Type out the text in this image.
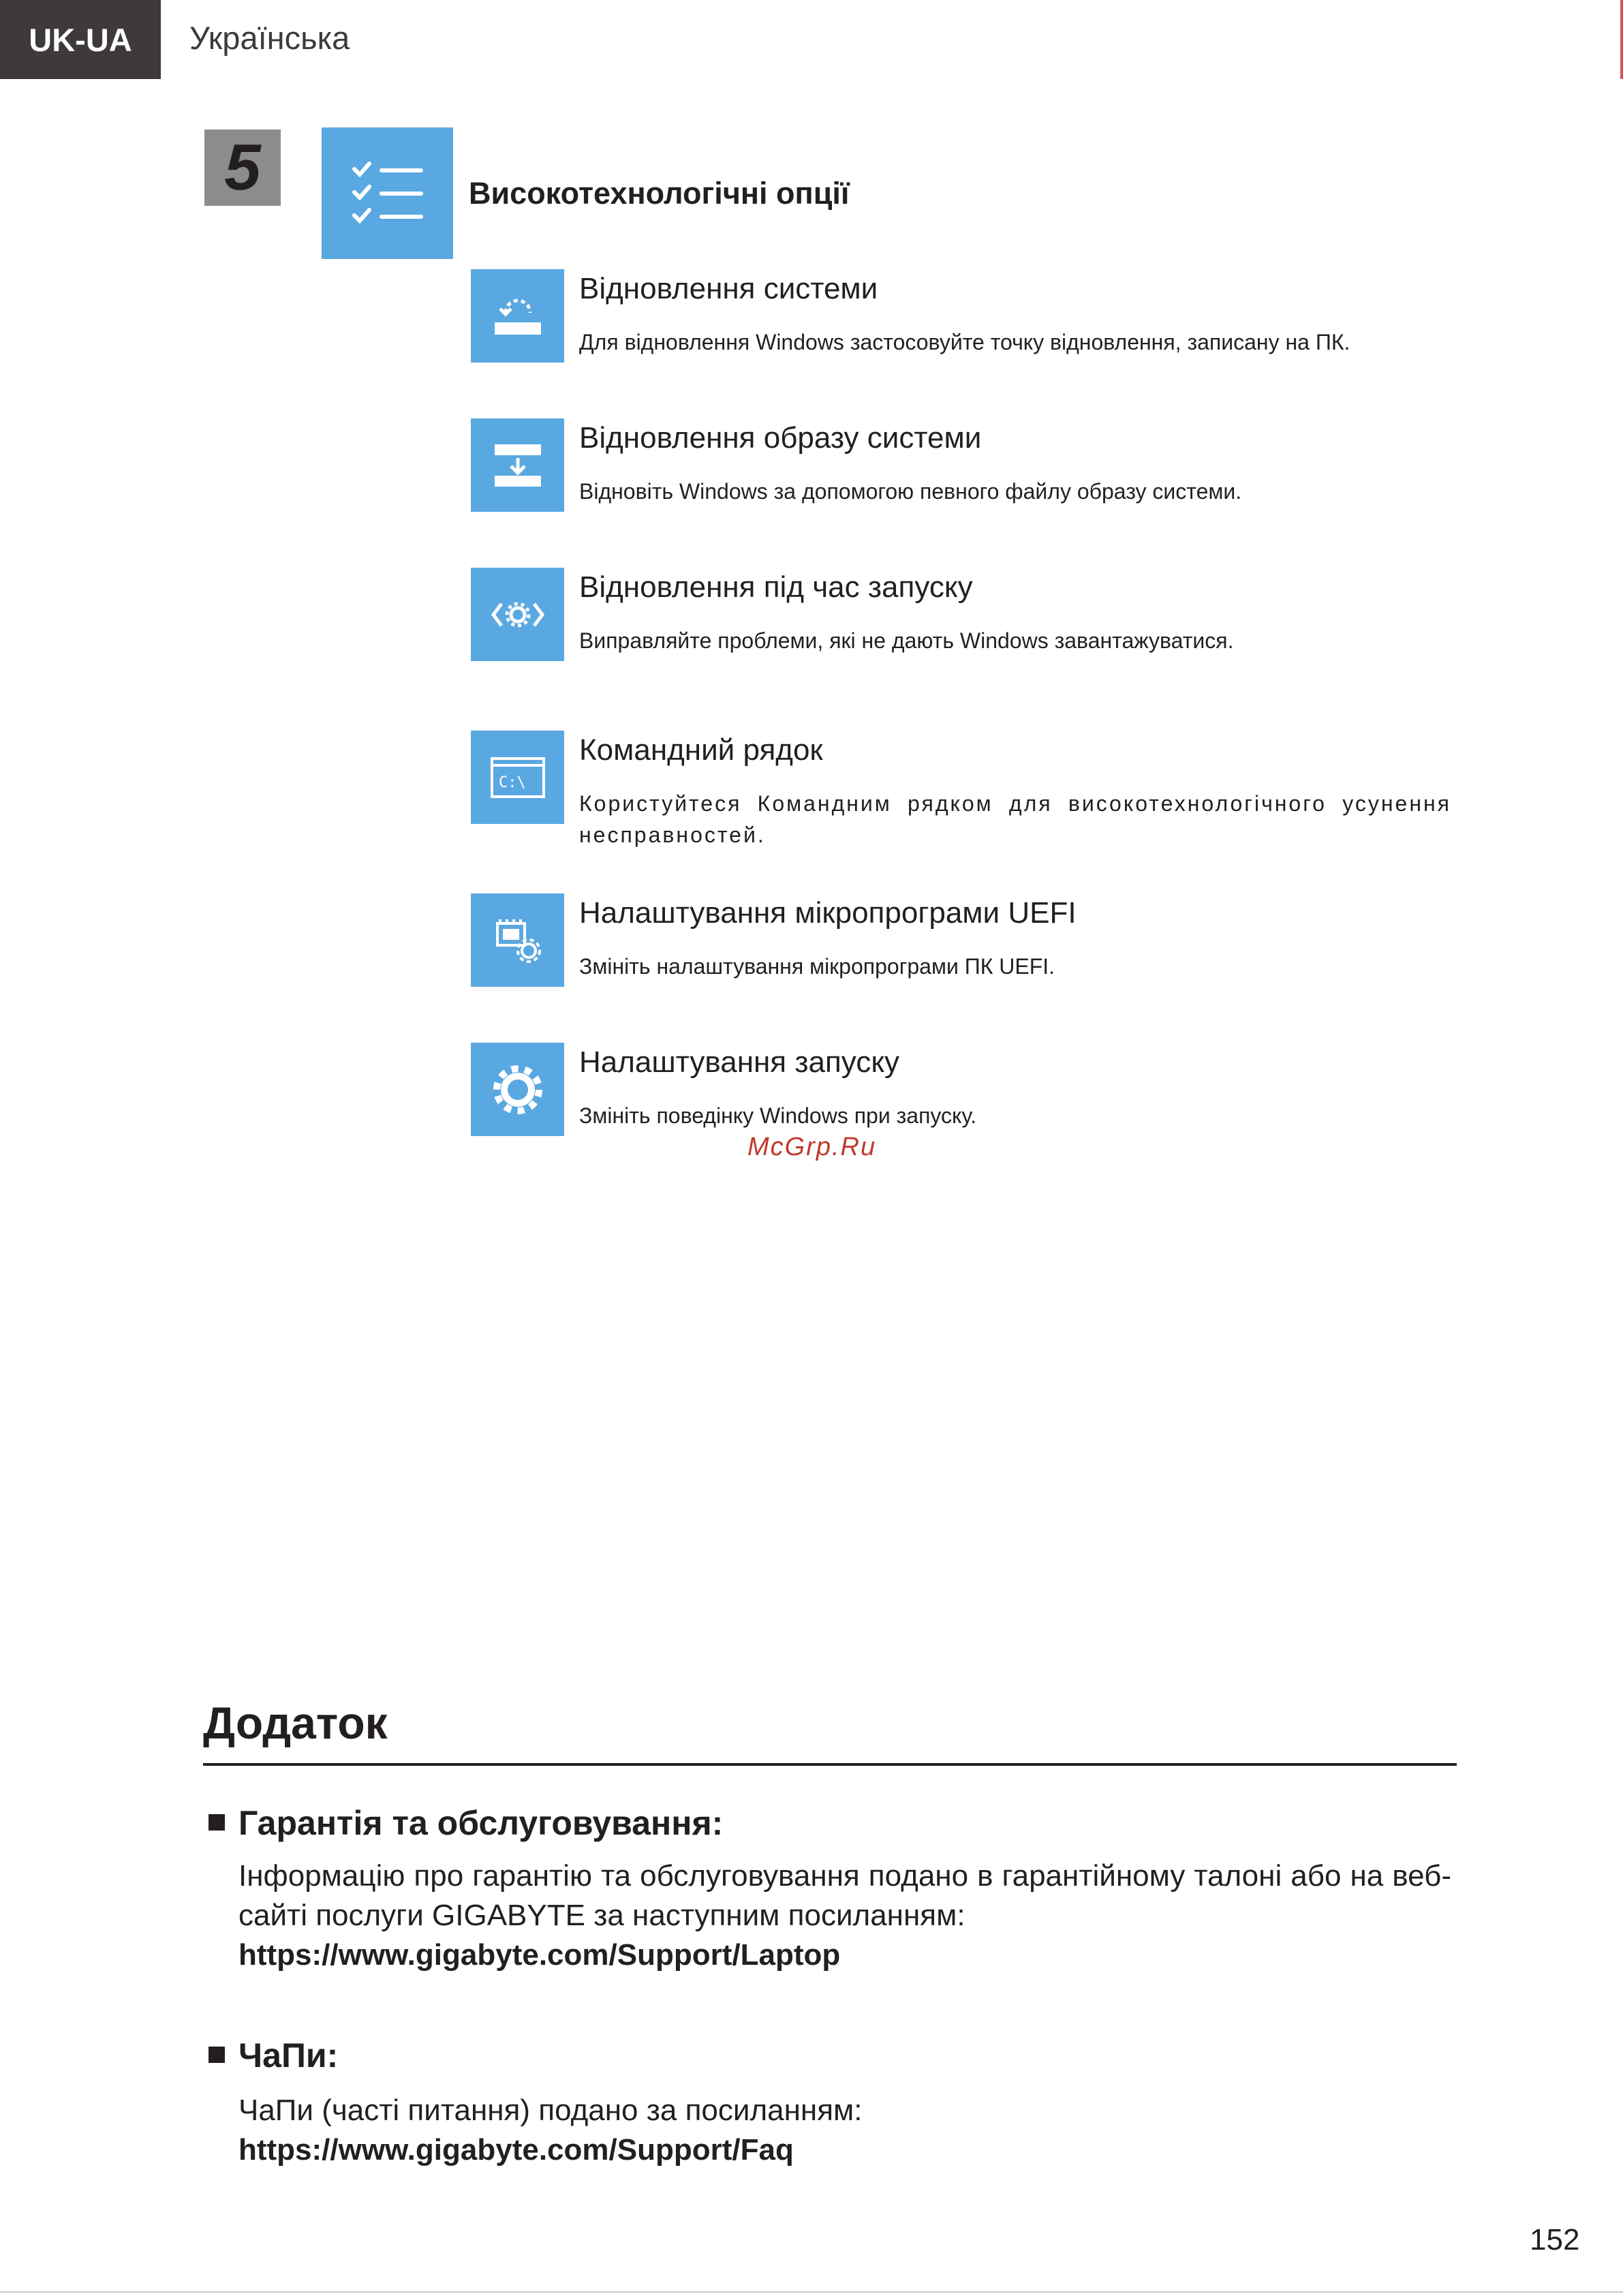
UK-UA	Українська
5	Високотехнологічні опції
Відновлення системи
Для відновлення Windows застосовуйте точку відновлення, записану на ПК.
Відновлення образу системи
Відновіть Windows за допомогою певного файлу образу системи.
Відновлення під час запуску
Виправляйте проблеми, які не дають Windows завантажуватися.
C:\
Командний рядок
Користуйтеся Командним рядком для високотехнологічного усунення несправностей.
Налаштування мікропрограми UEFI
Змініть налаштування мікропрограми ПК UEFI.
Налаштування запуску
Змініть поведінку Windows при запуску.
McGrp.Ru
Додаток
Гарантія та обслуговування:
Інформацію про гарантію та обслуговування подано в гарантійному талоні або на веб-сайті послуги GIGABYTE за наступним посиланням:
https://www.gigabyte.com/Support/Laptop
ЧаПи:
ЧаПи (часті питання) подано за посиланням:
https://www.gigabyte.com/Support/Faq
152
